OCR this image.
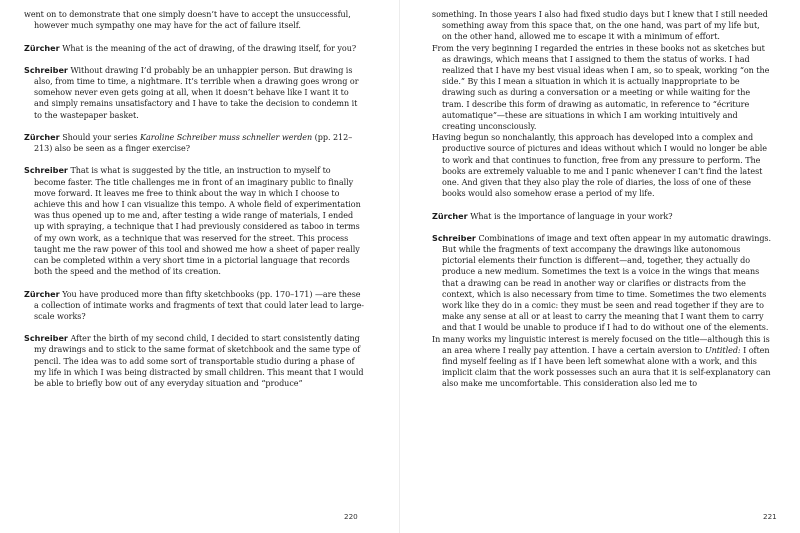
went on to demonstrate that one simply doesn’t have to accept the unsuccessful, however much sympathy one may have for the act of failure itself.

Zürcher What is the meaning of the act of drawing, of the drawing itself, for you?

Schreiber Without drawing I’d probably be an unhappier person. But drawing is also, from time to time, a nightmare. It’s terrible when a drawing goes wrong or somehow never even gets going at all, when it doesn’t behave like I want it to and simply remains unsatisfactory and I have to take the decision to condemn it to the wastepaper basket.

Zürcher Should your series Karoline Schreiber muss schneller werden (pp. 212–213) also be seen as a finger exercise?

Schreiber That is what is suggested by the title, an instruction to myself to become faster. The title challenges me in front of an imaginary public to finally move forward. It leaves me free to think about the way in which I choose to achieve this and how I can visualize this tempo. A whole field of experimentation was thus opened up to me and, after testing a wide range of materials, I ended up with spraying, a technique that I had previously considered as taboo in terms of my own work, as a technique that was reserved for the street. This process taught me the raw power of this tool and showed me how a sheet of paper really can be completed within a very short time in a pictorial language that records both the speed and the method of its creation.

Zürcher You have produced more than fifty sketchbooks (pp. 170–171) —are these a collection of intimate works and fragments of text that could later lead to large-scale works?

Schreiber After the birth of my second child, I decided to start consistently dating my drawings and to stick to the same format of sketchbook and the same type of pencil. The idea was to add some sort of transportable studio during a phase of my life in which I was being distracted by small children. This meant that I would be able to briefly bow out of any everyday situation and “produce”

220

something. In those years I also had fixed studio days but I knew that I still needed something away from this space that, on the one hand, was part of my life but, on the other hand, allowed me to escape it with a minimum of effort.

From the very beginning I regarded the entries in these books not as sketches but as drawings, which means that I assigned to them the status of works. I had realized that I have my best visual ideas when I am, so to speak, working “on the side.” By this I mean a situation in which it is actually inappropriate to be drawing such as during a conversation or a meeting or while waiting for the tram. I describe this form of drawing as automatic, in reference to “écriture automatique”—these are situations in which I am working intuitively and creating unconsciously.

Having begun so nonchalantly, this approach has developed into a complex and productive source of pictures and ideas without which I would no longer be able to work and that continues to function, free from any pressure to perform. The books are extremely valuable to me and I panic whenever I can’t find the latest one. And given that they also play the role of diaries, the loss of one of these books would also somehow erase a period of my life.

Zürcher What is the importance of language in your work?

Schreiber Combinations of image and text often appear in my automatic drawings. But while the fragments of text accompany the drawings like autonomous pictorial elements their function is different—and, together, they actually do produce a new medium. Sometimes the text is a voice in the wings that means that a drawing can be read in another way or clarifies or distracts from the context, which is also necessary from time to time. Sometimes the two elements work like they do in a comic: they must be seen and read together if they are to make any sense at all or at least to carry the meaning that I want them to carry and that I would be unable to produce if I had to do without one of the elements.

In many works my linguistic interest is merely focused on the title—although this is an area where I really pay attention. I have a certain aversion to Untitled: I often find myself feeling as if I have been left somewhat alone with a work, and this implicit claim that the work possesses such an aura that it is self-explanatory can also make me uncomfortable. This consideration also led me to

221
